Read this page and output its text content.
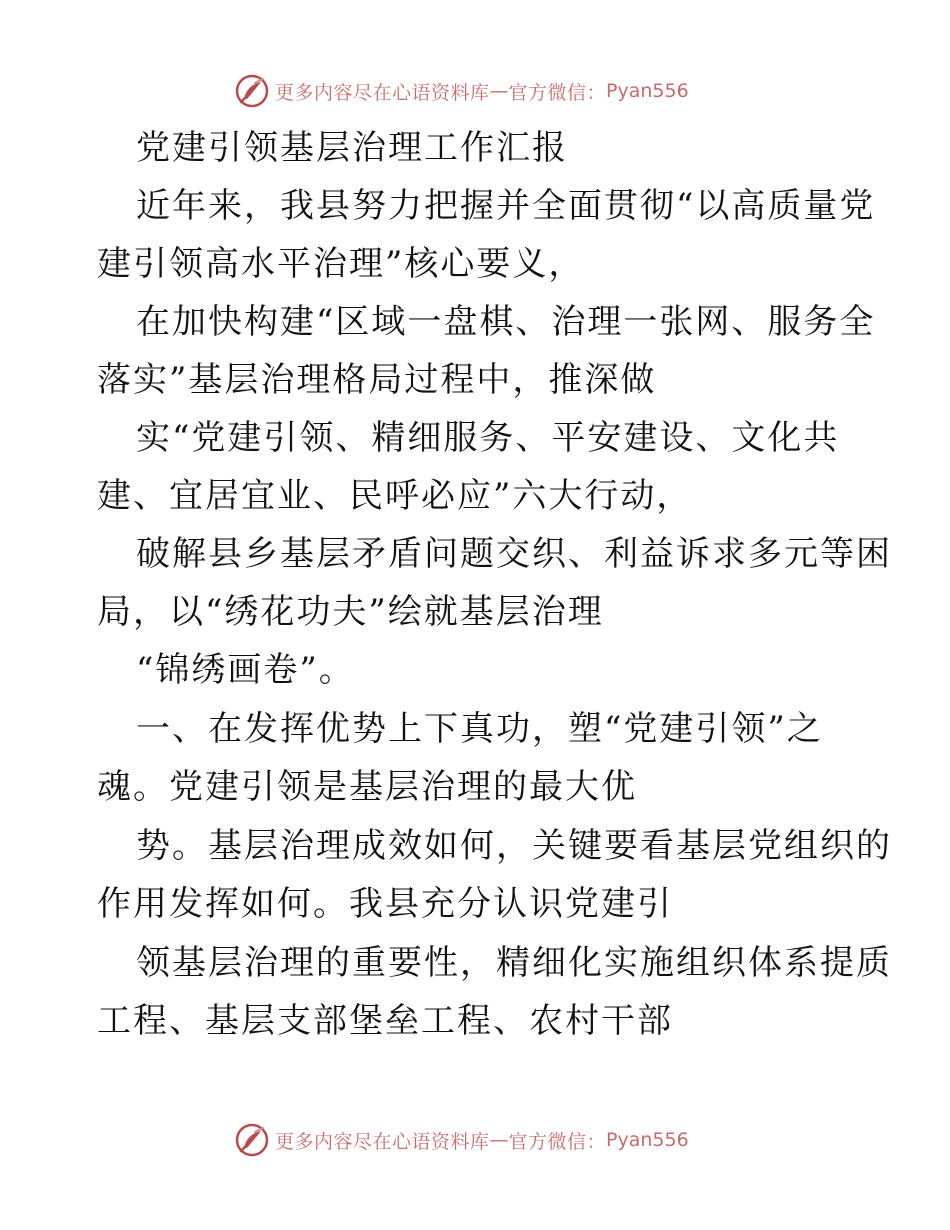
更多内容尽在心语资料库 — 官方微信： Pyan556
党建引领基层治理工作汇报
近年来，我县努力把握并全面贯彻“以高质量党
建引领高水平治理”核心要义，
在加快构建“区域一盘棋、治理一张网、服务全
落实”基层治理格局过程中，推深做
实“党建引领、精细服务、平安建设、文化共
建、宜居宜业、民呼必应”六大行动，
破解县乡基层矛盾问题交织、利益诉求多元等困
局，以“绣花功夫”绘就基层治理
“锦绣画卷”。
一、在发挥优势上下真功，塑“党建引领”之
魂。党建引领是基层治理的最大优
势。基层治理成效如何，关键要看基层党组织的
作用发挥如何。我县充分认识党建引
领基层治理的重要性，精细化实施组织体系提质
工程、基层支部堡垒工程、农村干部
更多内容尽在心语资料库 — 官方微信： Pyan556
